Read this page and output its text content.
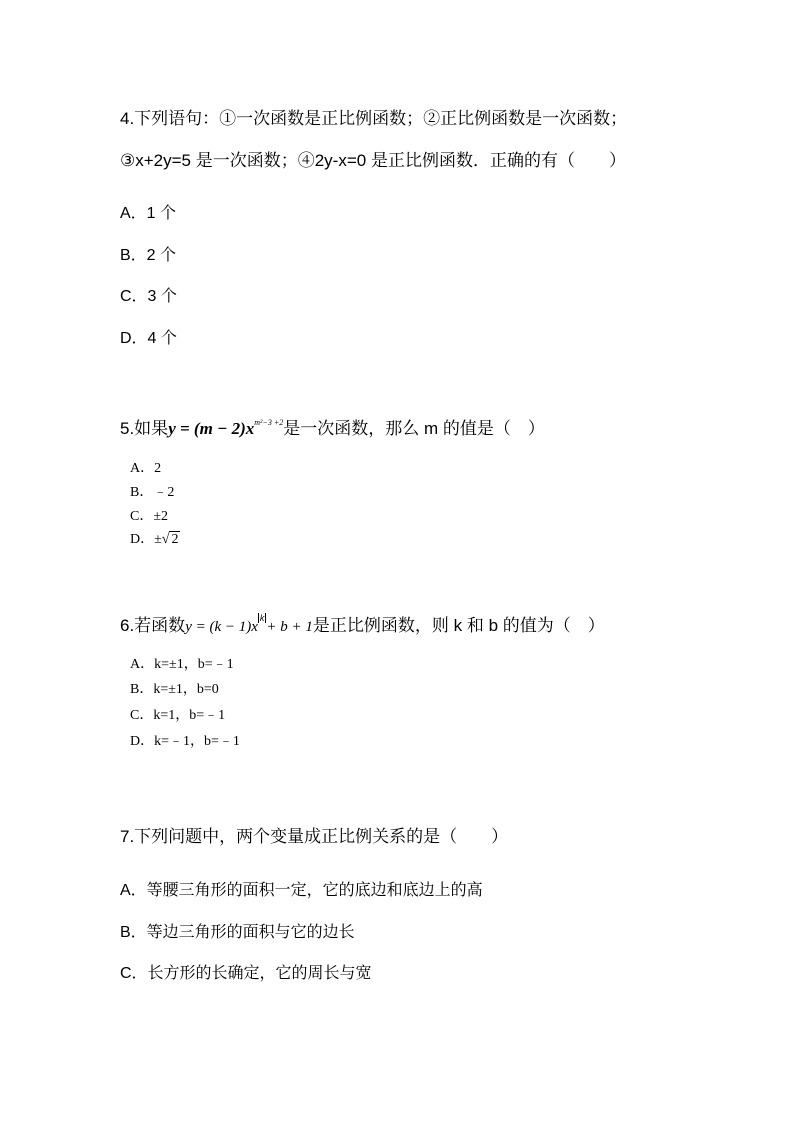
4.下列语句：①一次函数是正比例函数；②正比例函数是一次函数；
③x+2y=5 是一次函数；④2y-x=0 是正比例函数．正确的有（　　）
A．1 个
B．2 个
C．3 个
D．4 个
5.如果$y = (m - 2)x^{m^2-3 +2}$是一次函数，那么 m 的值是（　）
A．2
B．﹣2
C．±2
D．±√ 2
6.若函数y = (k − 1)xk+ b + 1是正比例函数，则 k 和 b 的值为（　）
A．k=±1，b=﹣1
B．k=±1，b=0
C．k=1，b=﹣1
D．k=﹣1，b=﹣1
7.下列问题中，两个变量成正比例关系的是（　　）
A．等腰三角形的面积一定，它的底边和底边上的高
B．等边三角形的面积与它的边长
C．长方形的长确定，它的周长与宽
